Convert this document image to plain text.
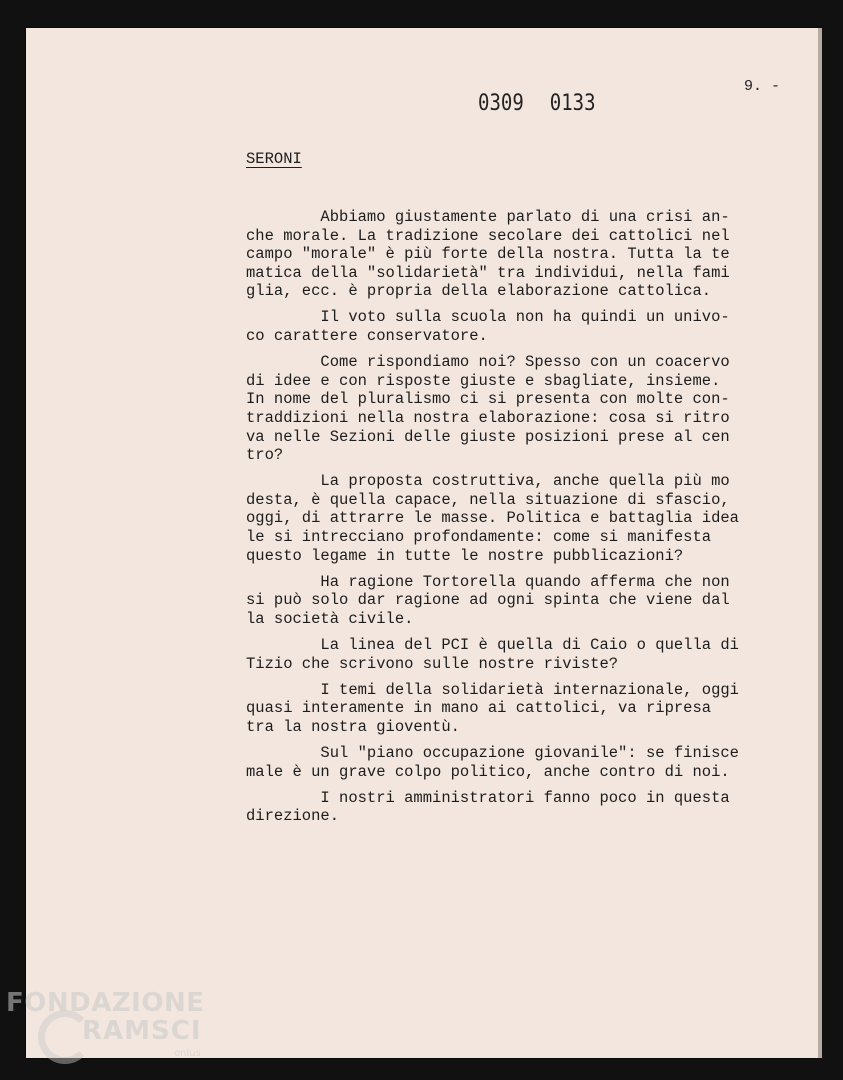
0309 0133
9. -
SERONI
Abbiamo giustamente parlato di una crisi an-
che morale. La tradizione secolare dei cattolici nel
campo "morale" è più forte della nostra. Tutta la te
matica della "solidarietà" tra individui, nella fami
glia, ecc. è propria della elaborazione cattolica.
Il voto sulla scuola non ha quindi un univo-
co carattere conservatore.
Come rispondiamo noi? Spesso con un coacervo
di idee e con risposte giuste e sbagliate, insieme.
In nome del pluralismo ci si presenta con molte con-
traddizioni nella nostra elaborazione: cosa si ritro
va nelle Sezioni delle giuste posizioni prese al cen
tro?
La proposta costruttiva, anche quella più mo
desta, è quella capace, nella situazione di sfascio,
oggi, di attrarre le masse. Politica e battaglia idea
le si intrecciano profondamente: come si manifesta
questo legame in tutte le nostre pubblicazioni?
Ha ragione Tortorella quando afferma che non
si può solo dar ragione ad ogni spinta che viene dal
la società civile.
La linea del PCI è quella di Caio o quella di
Tizio che scrivono sulle nostre riviste?
I temi della solidarietà internazionale, oggi
quasi interamente in mano ai cattolici, va ripresa
tra la nostra gioventù.
Sul "piano occupazione giovanile": se finisce
male è un grave colpo politico, anche contro di noi.
I nostri amministratori fanno poco in questa
direzione.
FONDAZIONE
RAMSCI
onlus
